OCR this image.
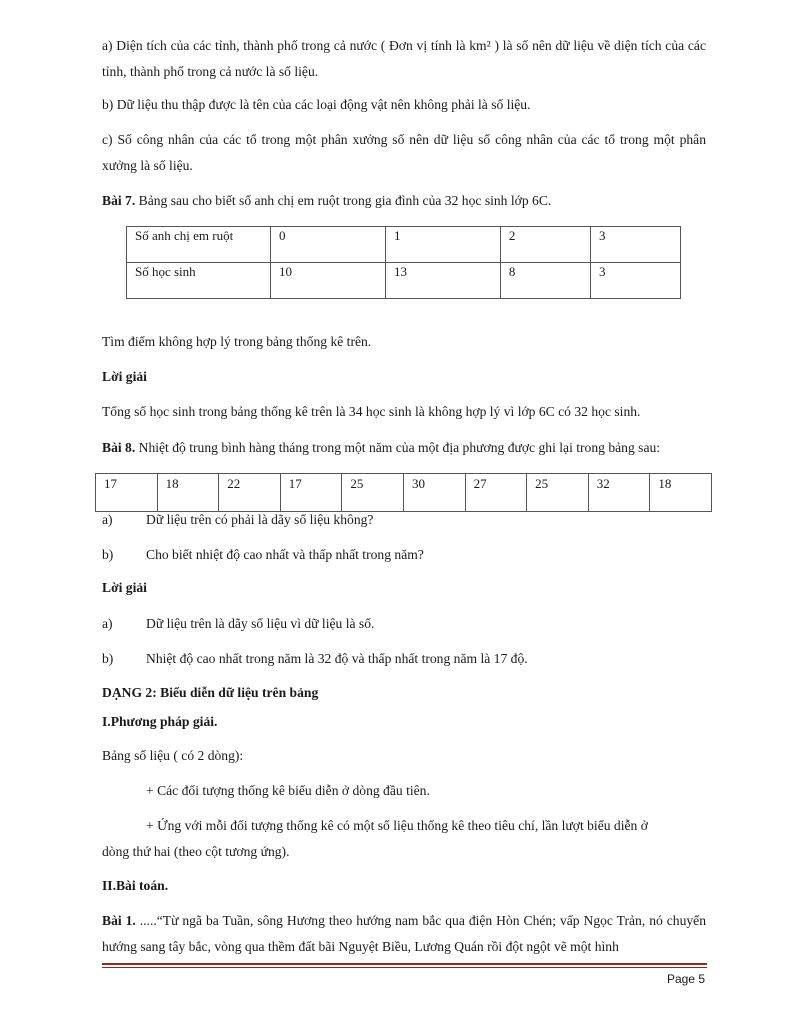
a) Diện tích của các tỉnh, thành phố trong cả nước ( Đơn vị tính là km² ) là số nên dữ liệu về diện tích của các tỉnh, thành phố trong cả nước là số liệu.

b) Dữ liệu thu thập được là tên của các loại động vật nên không phải là số liệu.

c) Số công nhân của các tổ trong một phân xưởng số nên dữ liệu số công nhân của các tổ trong một phân xưởng là số liệu.

Bài 7. Bảng sau cho biết số anh chị em ruột trong gia đình của 32 học sinh lớp 6C.

Số anh chị em ruột	0	1	2	3
Số học sinh	10	13	8	3

Tìm điểm không hợp lý trong bảng thống kê trên.

Lời giải

Tổng số học sinh trong bảng thống kê trên là 34 học sinh là không hợp lý vì lớp 6C có 32 học sinh.

Bài 8. Nhiệt độ trung bình hàng tháng trong một năm của một địa phương được ghi lại trong bảng sau:

17	18	22	17	25	30	27	25	32	18

a) Dữ liệu trên có phải là dãy số liệu không?

b) Cho biết nhiệt độ cao nhất và thấp nhất trong năm?

Lời giải

a) Dữ liệu trên là dãy số liệu vì dữ liệu là số.

b) Nhiệt độ cao nhất trong năm là 32 độ và thấp nhất trong năm là 17 độ.

DẠNG 2: Biểu diễn dữ liệu trên bảng

I.Phương pháp giải.

Bảng số liệu ( có 2 dòng):

+ Các đối tượng thống kê biểu diễn ở dòng đầu tiên.

+ Ứng với mỗi đối tượng thống kê có một số liệu thống kê theo tiêu chí, lần lượt biểu diễn ở

dòng thứ hai (theo cột tương ứng).

II.Bài toán.

Bài 1. .....“Từ ngã ba Tuần, sông Hương theo hướng nam bắc qua điện Hòn Chén; vấp Ngọc Trản, nó chuyển hướng sang tây bắc, vòng qua thềm đất bãi Nguyệt Biều, Lương Quán rồi đột ngột vẽ một hình

Page 5
